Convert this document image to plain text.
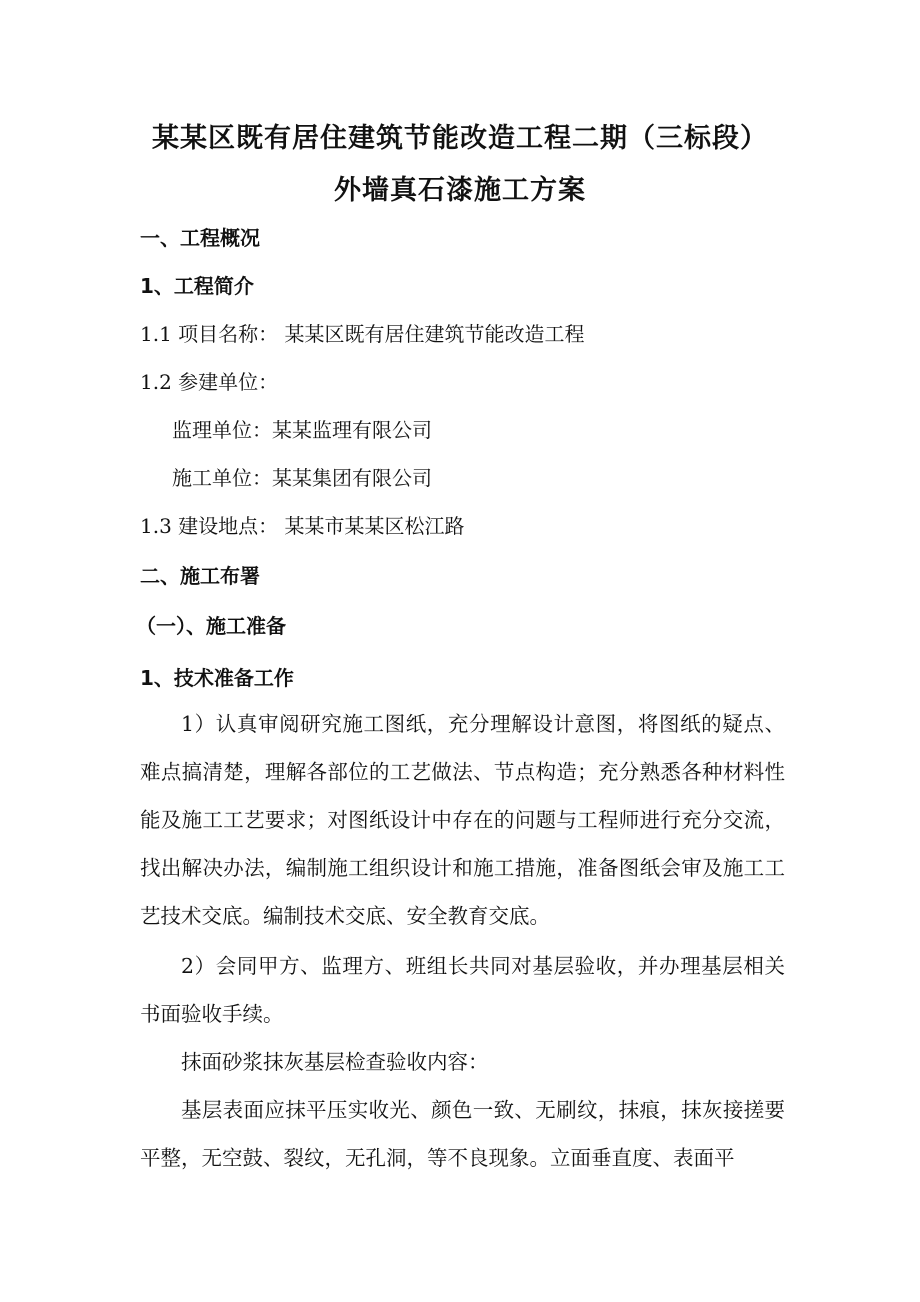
某某区既有居住建筑节能改造工程二期（三标段）
外墙真石漆施工方案
一、工程概况
1、工程简介
1.1 项目名称： 某某区既有居住建筑节能改造工程
1.2 参建单位：
监理单位：某某监理有限公司
施工单位：某某集团有限公司
1.3 建设地点： 某某市某某区松江路
二、施工布署
（一）、施工准备
1、技术准备工作
1）认真审阅研究施工图纸，充分理解设计意图，将图纸的疑点、难点搞清楚，理解各部位的工艺做法、节点构造；充分熟悉各种材料性能及施工工艺要求；对图纸设计中存在的问题与工程师进行充分交流，找出解决办法，编制施工组织设计和施工措施，准备图纸会审及施工工艺技术交底。编制技术交底、安全教育交底。
2）会同甲方、监理方、班组长共同对基层验收，并办理基层相关书面验收手续。
抹面砂浆抹灰基层检查验收内容：
基层表面应抹平压实收光、颜色一致、无刷纹，抹痕，抹灰接搓要平整，无空鼓、裂纹，无孔洞，等不良现象。立面垂直度、表面平
